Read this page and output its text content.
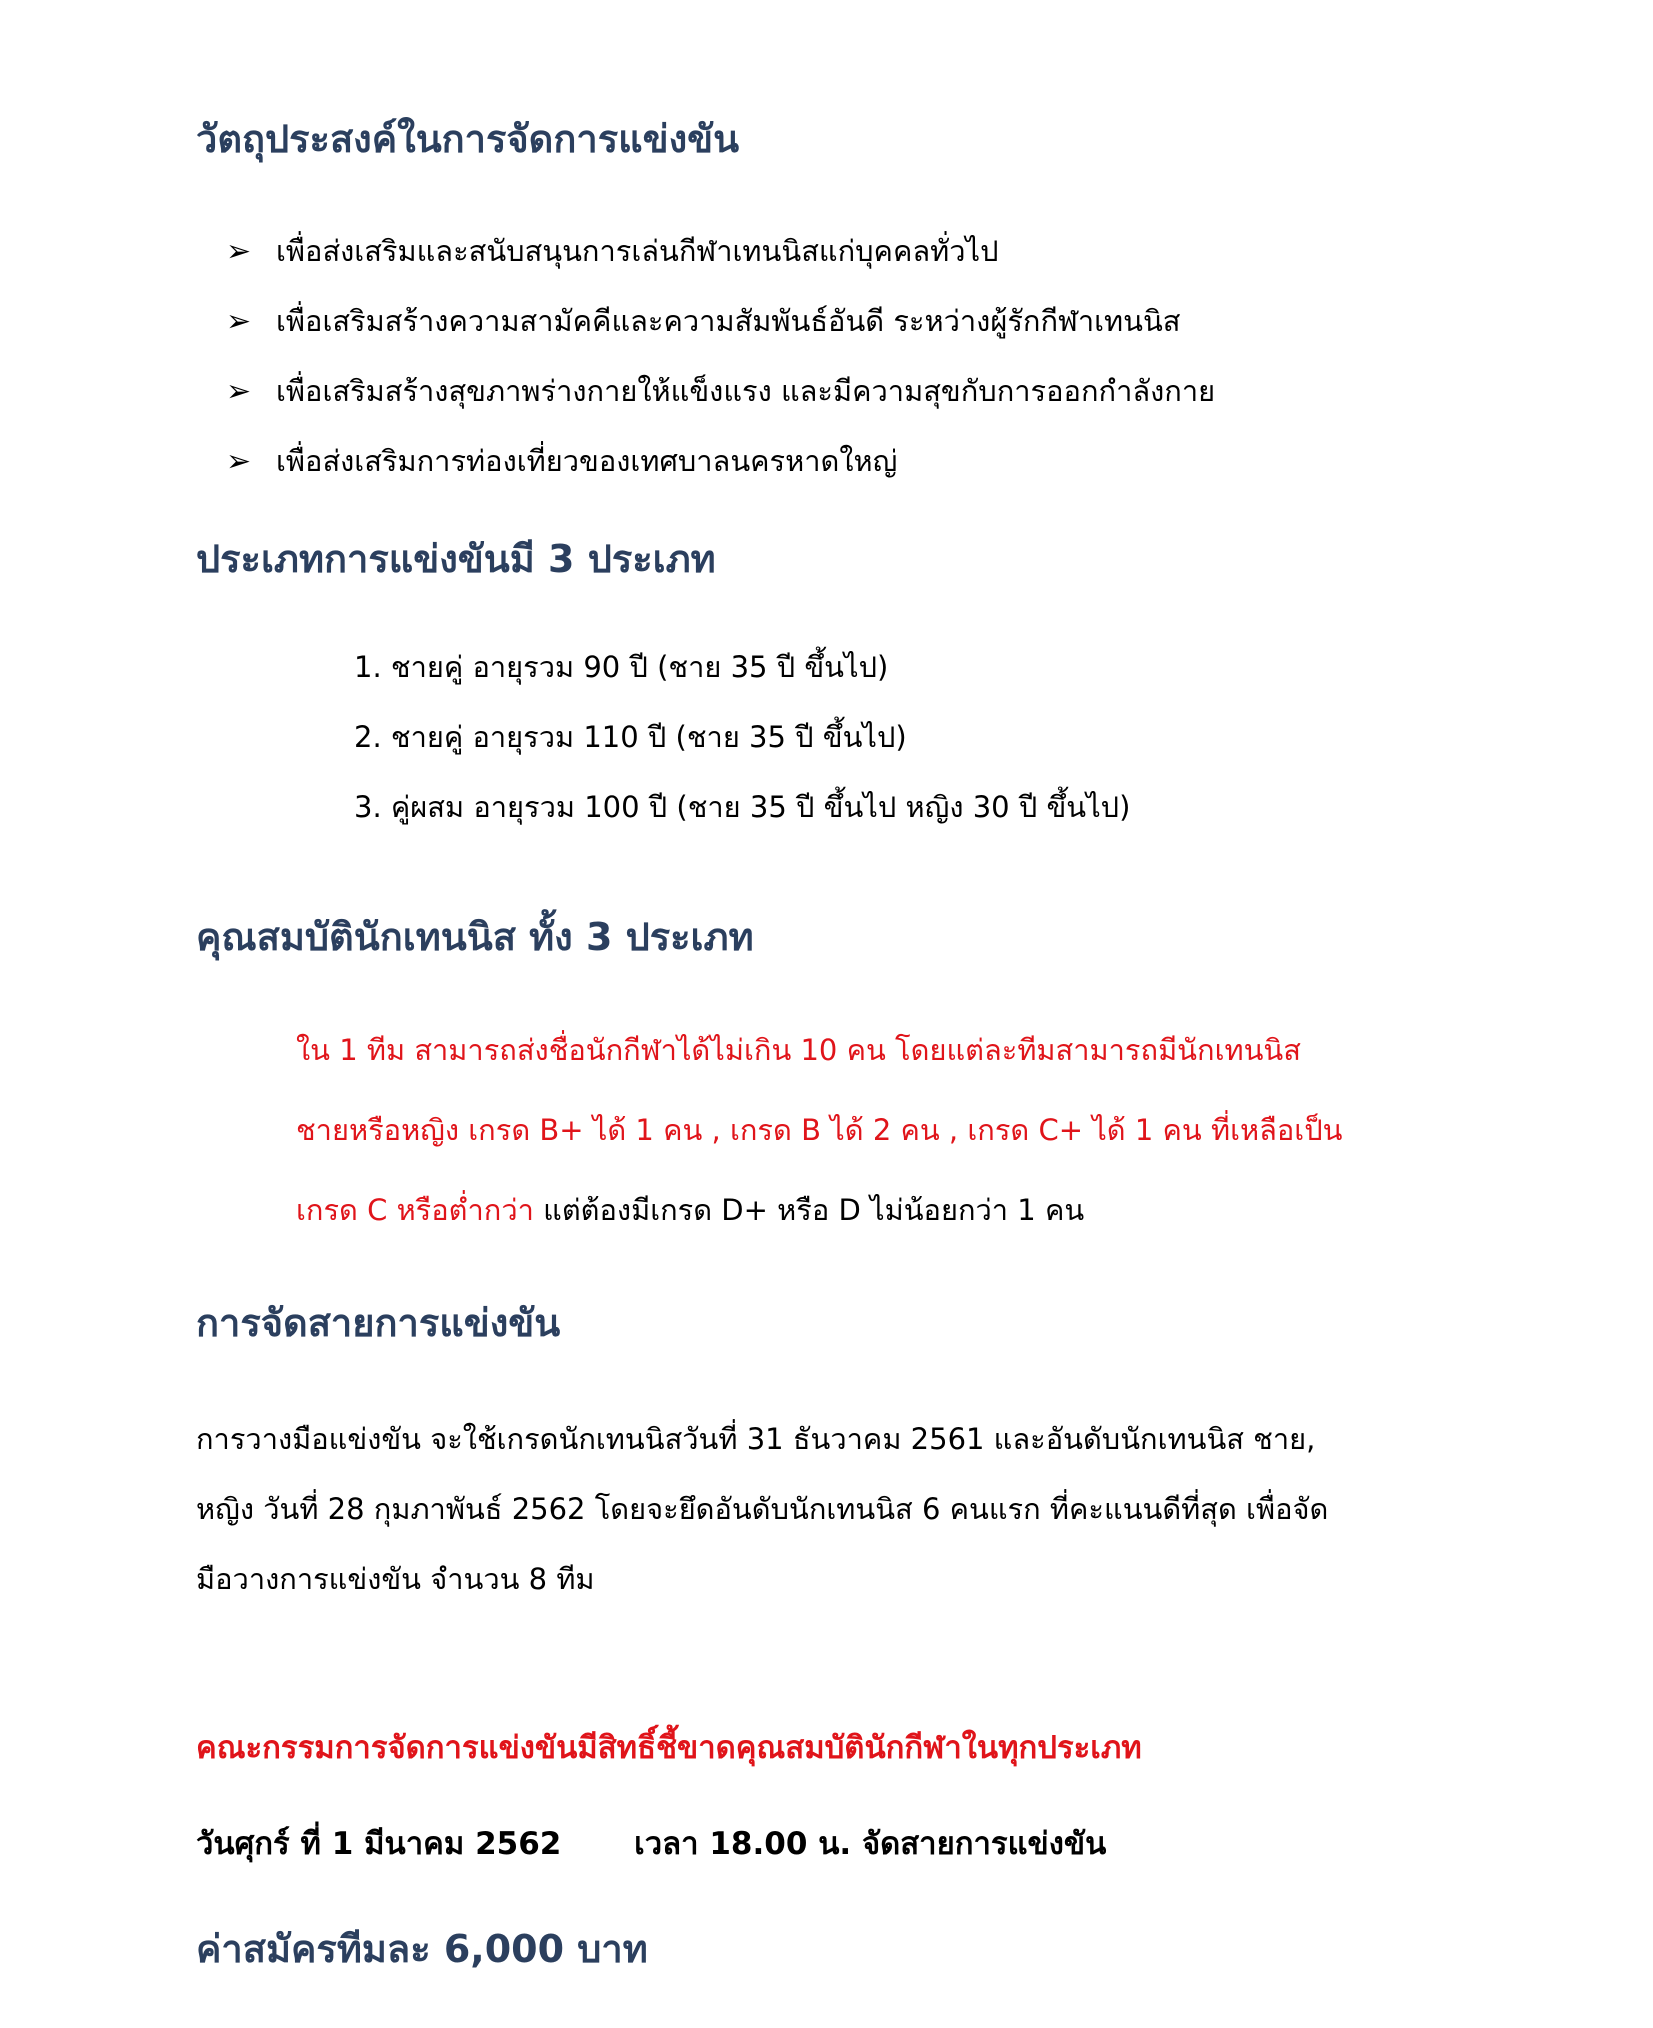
วัตถุประสงค์ในการจัดการแข่งขัน
➢ เพื่อส่งเสริมและสนับสนุนการเล่นกีฬาเทนนิสแก่บุคคลทั่วไป
➢ เพื่อเสริมสร้างความสามัคคีและความสัมพันธ์อันดี ระหว่างผู้รักกีฬาเทนนิส
➢ เพื่อเสริมสร้างสุขภาพร่างกายให้แข็งแรง และมีความสุขกับการออกกำลังกาย
➢ เพื่อส่งเสริมการท่องเที่ยวของเทศบาลนครหาดใหญ่
ประเภทการแข่งขันมี 3 ประเภท
1. ชายคู่ อายุรวม 90 ปี (ชาย 35 ปี ขึ้นไป)
2. ชายคู่ อายุรวม 110 ปี (ชาย 35 ปี ขึ้นไป)
3. คู่ผสม อายุรวม 100 ปี (ชาย 35 ปี ขึ้นไป หญิง 30 ปี ขึ้นไป)
คุณสมบัตินักเทนนิส ทั้ง 3 ประเภท
ใน 1 ทีม สามารถส่งชื่อนักกีฬาได้ไม่เกิน 10 คน โดยแต่ละทีมสามารถมีนักเทนนิส
ชายหรือหญิง เกรด B+ ได้ 1 คน , เกรด B ได้ 2 คน , เกรด C+ ได้ 1 คน ที่เหลือเป็น
เกรด C หรือต่ำกว่า แต่ต้องมีเกรด D+ หรือ D ไม่น้อยกว่า 1 คน
การจัดสายการแข่งขัน
การวางมือแข่งขัน จะใช้เกรดนักเทนนิสวันที่ 31 ธันวาคม 2561 และอันดับนักเทนนิส ชาย,
หญิง วันที่ 28 กุมภาพันธ์ 2562 โดยจะยึดอันดับนักเทนนิส 6 คนแรก ที่คะแนนดีที่สุด เพื่อจัด
มือวางการแข่งขัน จำนวน 8 ทีม
คณะกรรมการจัดการแข่งขันมีสิทธิ์ชี้ขาดคุณสมบัตินักกีฬาในทุกประเภท
วันศุกร์ ที่ 1 มีนาคม 2562 เวลา 18.00 น. จัดสายการแข่งขัน
ค่าสมัครทีมละ 6,000 บาท
